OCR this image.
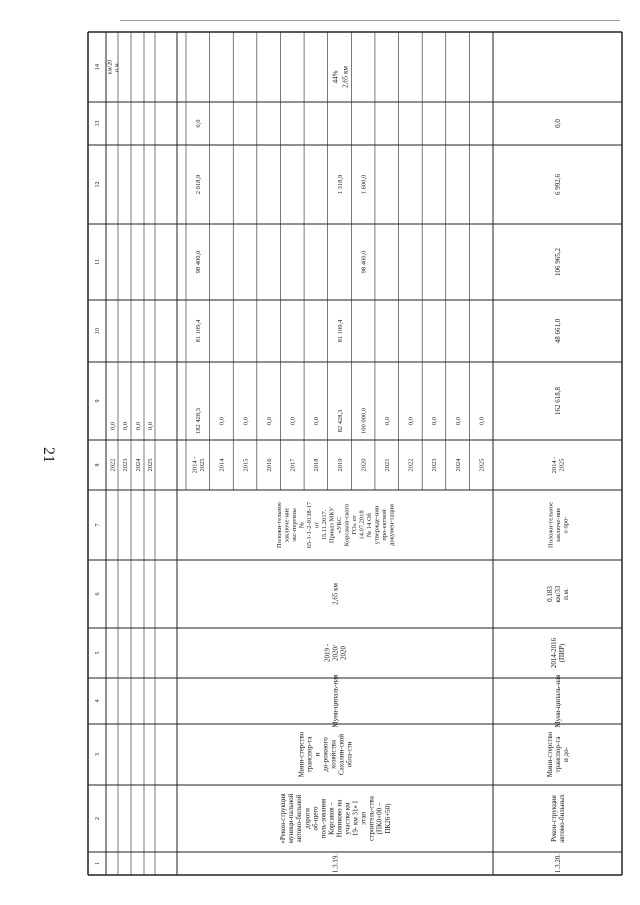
21
1
2
3
4
5
6
7
8
9
10
11
12
13
14
2022
0,0
2023
0,0
2024
0,0
2025
0,0
км/20п.м.
2014 -2025
182 428,3
81 109,4
98 400,0
2 918,9
0,0
2014
0,0
2015
0,0
2016
0,0
2017
0,0
2018
0,0
2019
82 428,3
81 109,4
1 318,9
2020
100 000,0
98 400,0
1 600,0
2021
0,0
2022
0,0
2023
0,0
2024
0,0
2025
0,0
44% 2,65 км
1.3.19.
«Рекон-струкциямуници-пальнойавтомо-бильнойдорогиоб-щегополь-зованияКорсаков –Новиково научастке км19- км 31» Iэтапстроитель-ства(ПК0+00 –ПК26+50)
Мини-стерствотранспор-таидо-рожногохозяйстваСахалин-скойобла-сти
Муни-ципаль-ная
2019 -2020/2020
2,65 км
Положи-тельноезаключе-ниеэкс-пертизы№65-1-1-2-0138-17от15.11.2017.Приказ МКУ«УКСКорсаков-скогоГО» от14.07.2018№ 14 Обутвержде-ниипро-ектнойдокумен-тации
1.3.20.
Рекон-струкцияавтомо-бильных
Мини-стерствотранспор-таи до-
Муни-ципаль-ная
2014-2016(ПИР)
0,183км/33п.м.
Положи-тельноезаключе-ниео про-
2014 -2025
162 618,8
48 661,0
106 965,2
6 992,6
0,0
